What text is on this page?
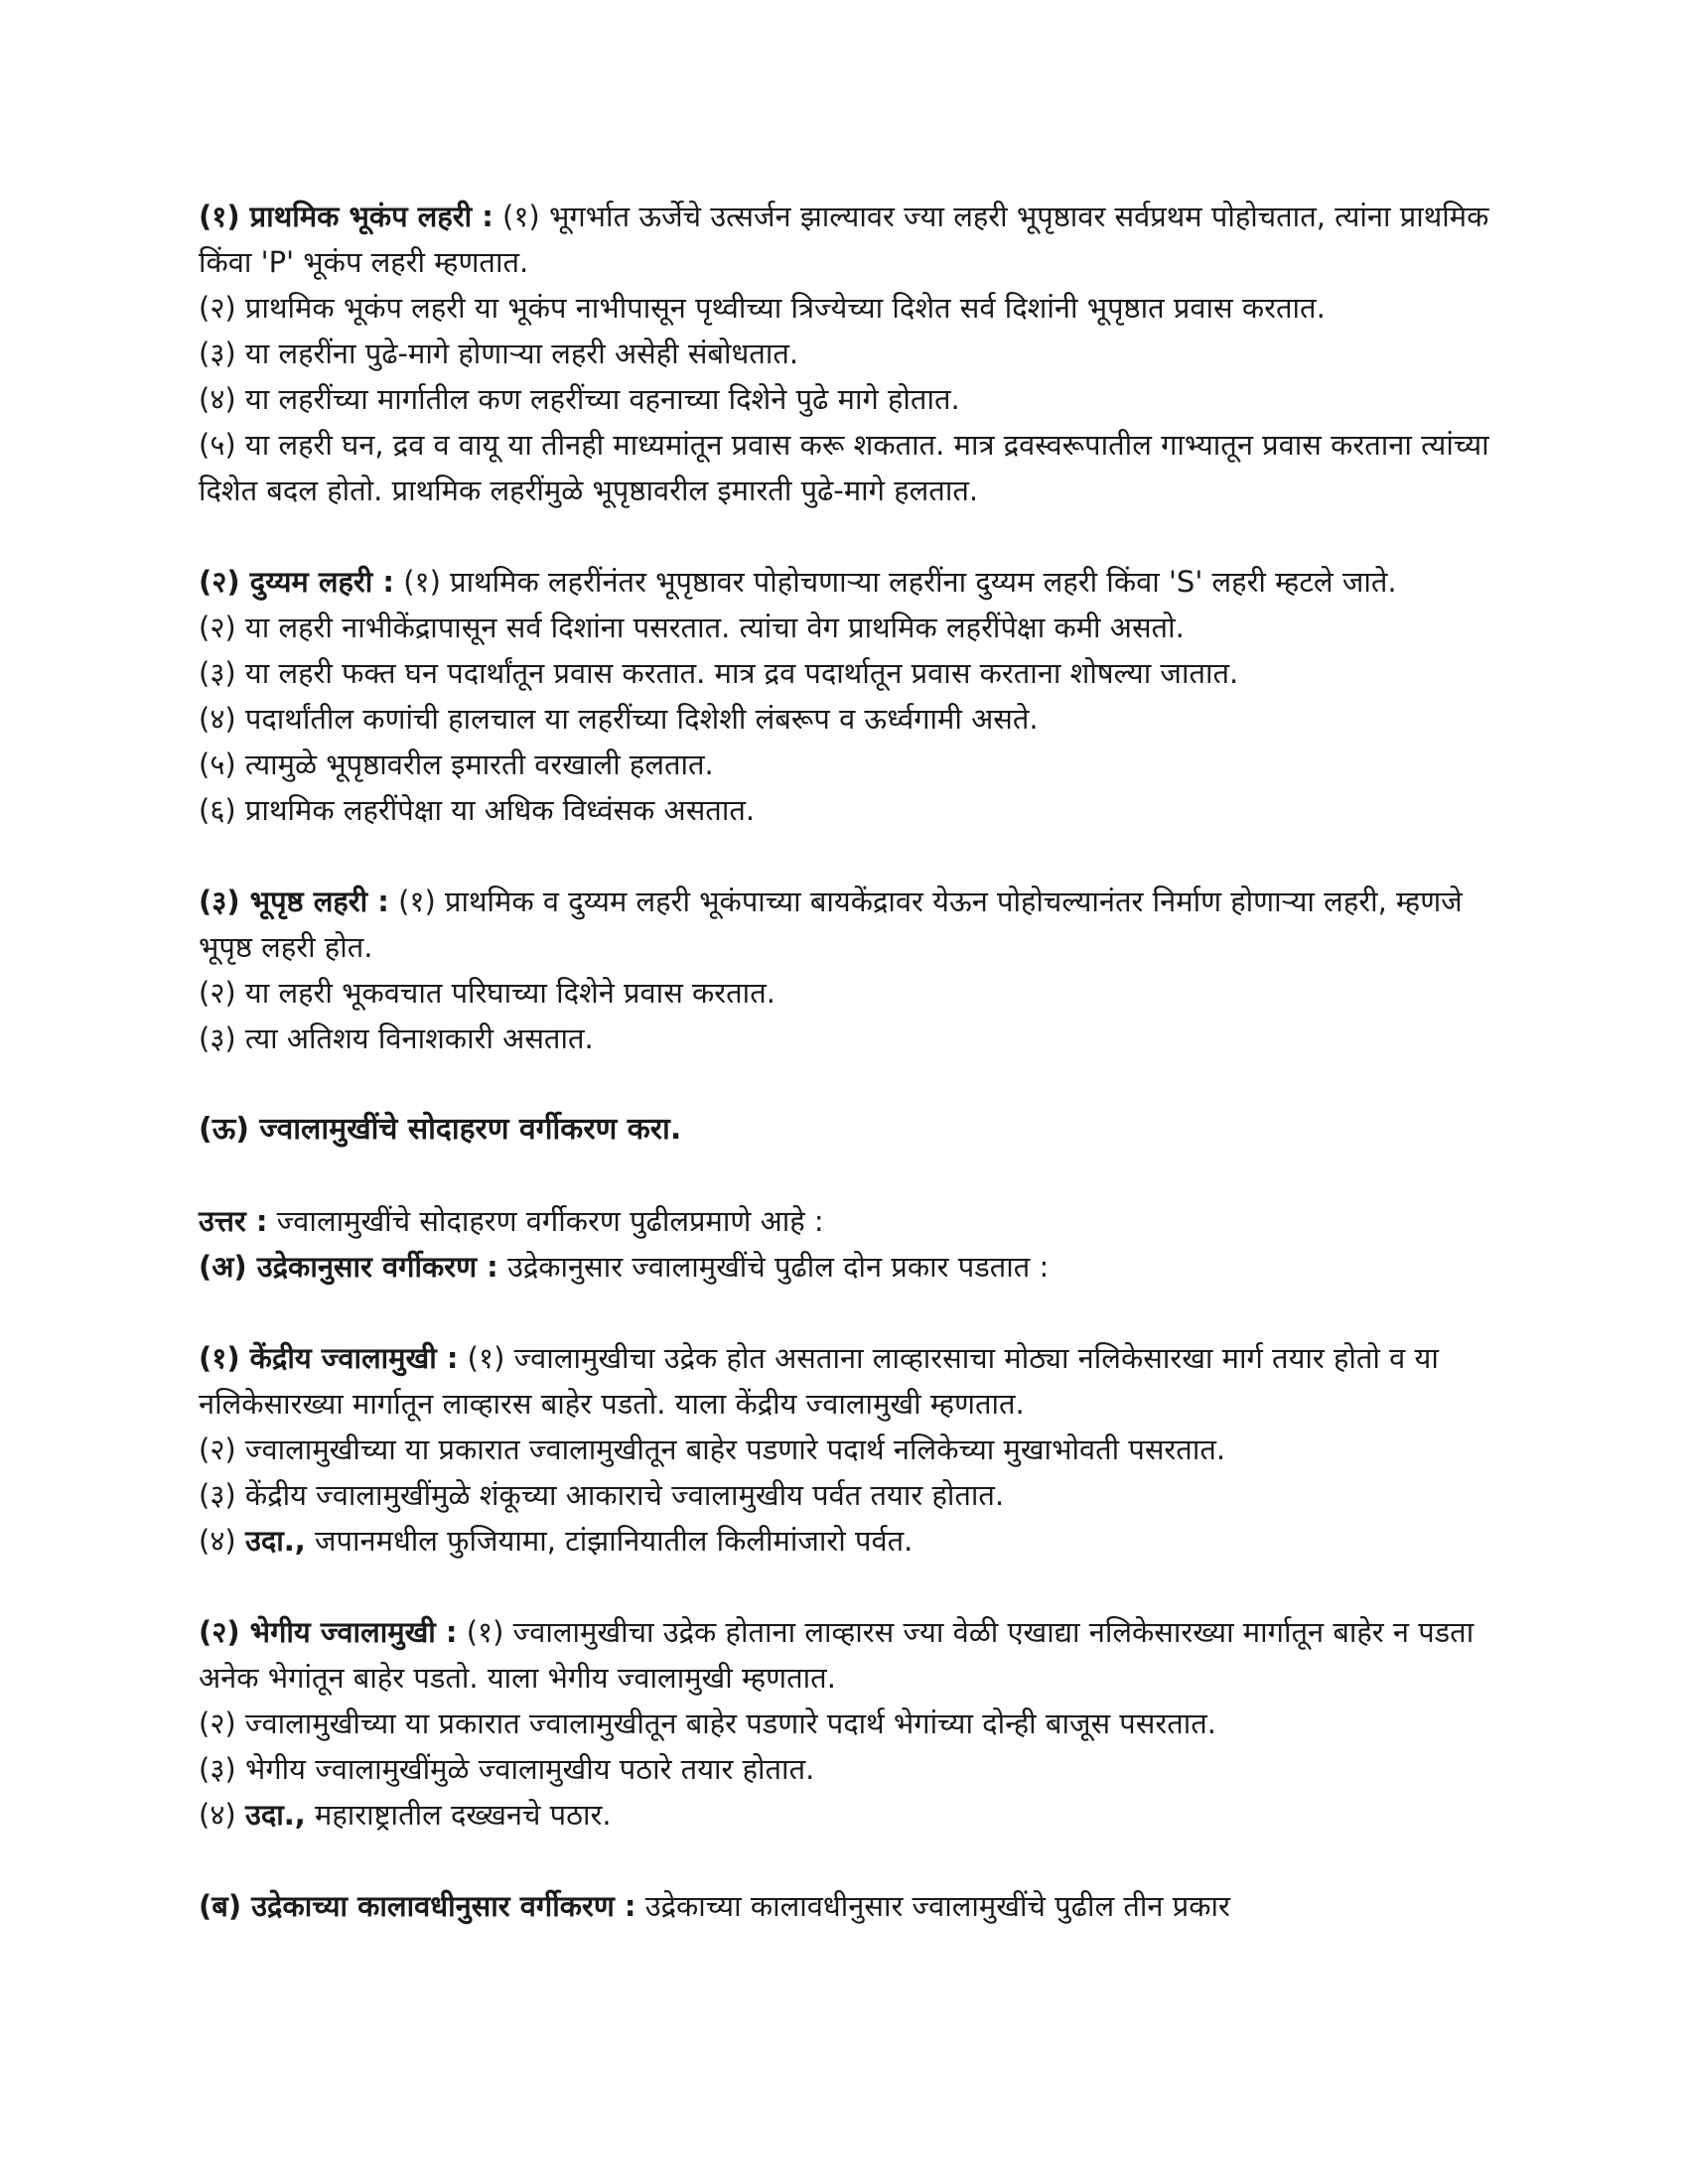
(१) प्राथमिक भूकंप लहरी : (१) भूगर्भात ऊर्जेचे उत्सर्जन झाल्यावर ज्या लहरी भूपृष्ठावर सर्वप्रथम पोहोचतात, त्यांना प्राथमिक किंवा 'P' भूकंप लहरी म्हणतात.

(२) प्राथमिक भूकंप लहरी या भूकंप नाभीपासून पृथ्वीच्या त्रिज्येच्या दिशेत सर्व दिशांनी भूपृष्ठात प्रवास करतात.

(३) या लहरींना पुढे-मागे होणाऱ्या लहरी असेही संबोधतात.

(४) या लहरींच्या मार्गातील कण लहरींच्या वहनाच्या दिशेने पुढे मागे होतात.

(५) या लहरी घन, द्रव व वायू या तीनही माध्यमांतून प्रवास करू शकतात. मात्र द्रवस्वरूपातील गाभ्यातून प्रवास करताना त्यांच्या दिशेत बदल होतो. प्राथमिक लहरींमुळे भूपृष्ठावरील इमारती पुढे-मागे हलतात.

(२) दुय्यम लहरी : (१) प्राथमिक लहरींनंतर भूपृष्ठावर पोहोचणाऱ्या लहरींना दुय्यम लहरी किंवा 'S' लहरी म्हटले जाते.

(२) या लहरी नाभीकेंद्रापासून सर्व दिशांना पसरतात. त्यांचा वेग प्राथमिक लहरींपेक्षा कमी असतो.

(३) या लहरी फक्त घन पदार्थांतून प्रवास करतात. मात्र द्रव पदार्थातून प्रवास करताना शोषल्या जातात.

(४) पदार्थांतील कणांची हालचाल या लहरींच्या दिशेशी लंबरूप व ऊर्ध्वगामी असते.

(५) त्यामुळे भूपृष्ठावरील इमारती वरखाली हलतात.

(६) प्राथमिक लहरींपेक्षा या अधिक विध्वंसक असतात.

(३) भूपृष्ठ लहरी : (१) प्राथमिक व दुय्यम लहरी भूकंपाच्या बायकेंद्रावर येऊन पोहोचल्यानंतर निर्माण होणाऱ्या लहरी, म्हणजे भूपृष्ठ लहरी होत.

(२) या लहरी भूकवचात परिघाच्या दिशेने प्रवास करतात.

(३) त्या अतिशय विनाशकारी असतात.

(ऊ) ज्वालामुखींचे सोदाहरण वर्गीकरण करा.

उत्तर : ज्वालामुखींचे सोदाहरण वर्गीकरण पुढीलप्रमाणे आहे :

(अ) उद्रेकानुसार वर्गीकरण : उद्रेकानुसार ज्वालामुखींचे पुढील दोन प्रकार पडतात :

(१) केंद्रीय ज्वालामुखी : (१) ज्वालामुखीचा उद्रेक होत असताना लाव्हारसाचा मोठ्या नलिकेसारखा मार्ग तयार होतो व या नलिकेसारख्या मार्गातून लाव्हारस बाहेर पडतो. याला केंद्रीय ज्वालामुखी म्हणतात.

(२) ज्वालामुखीच्या या प्रकारात ज्वालामुखीतून बाहेर पडणारे पदार्थ नलिकेच्या मुखाभोवती पसरतात.

(३) केंद्रीय ज्वालामुखींमुळे शंकूच्या आकाराचे ज्वालामुखीय पर्वत तयार होतात.

(४) उदा., जपानमधील फुजियामा, टांझानियातील किलीमांजारो पर्वत.

(२) भेगीय ज्वालामुखी : (१) ज्वालामुखीचा उद्रेक होताना लाव्हारस ज्या वेळी एखाद्या नलिकेसारख्या मार्गातून बाहेर न पडता अनेक भेगांतून बाहेर पडतो. याला भेगीय ज्वालामुखी म्हणतात.

(२) ज्वालामुखीच्या या प्रकारात ज्वालामुखीतून बाहेर पडणारे पदार्थ भेगांच्या दोन्ही बाजूस पसरतात.

(३) भेगीय ज्वालामुखींमुळे ज्वालामुखीय पठारे तयार होतात.

(४) उदा., महाराष्ट्रातील दख्खनचे पठार.

(ब) उद्रेकाच्या कालावधीनुसार वर्गीकरण : उद्रेकाच्या कालावधीनुसार ज्वालामुखींचे पुढील तीन प्रकार
